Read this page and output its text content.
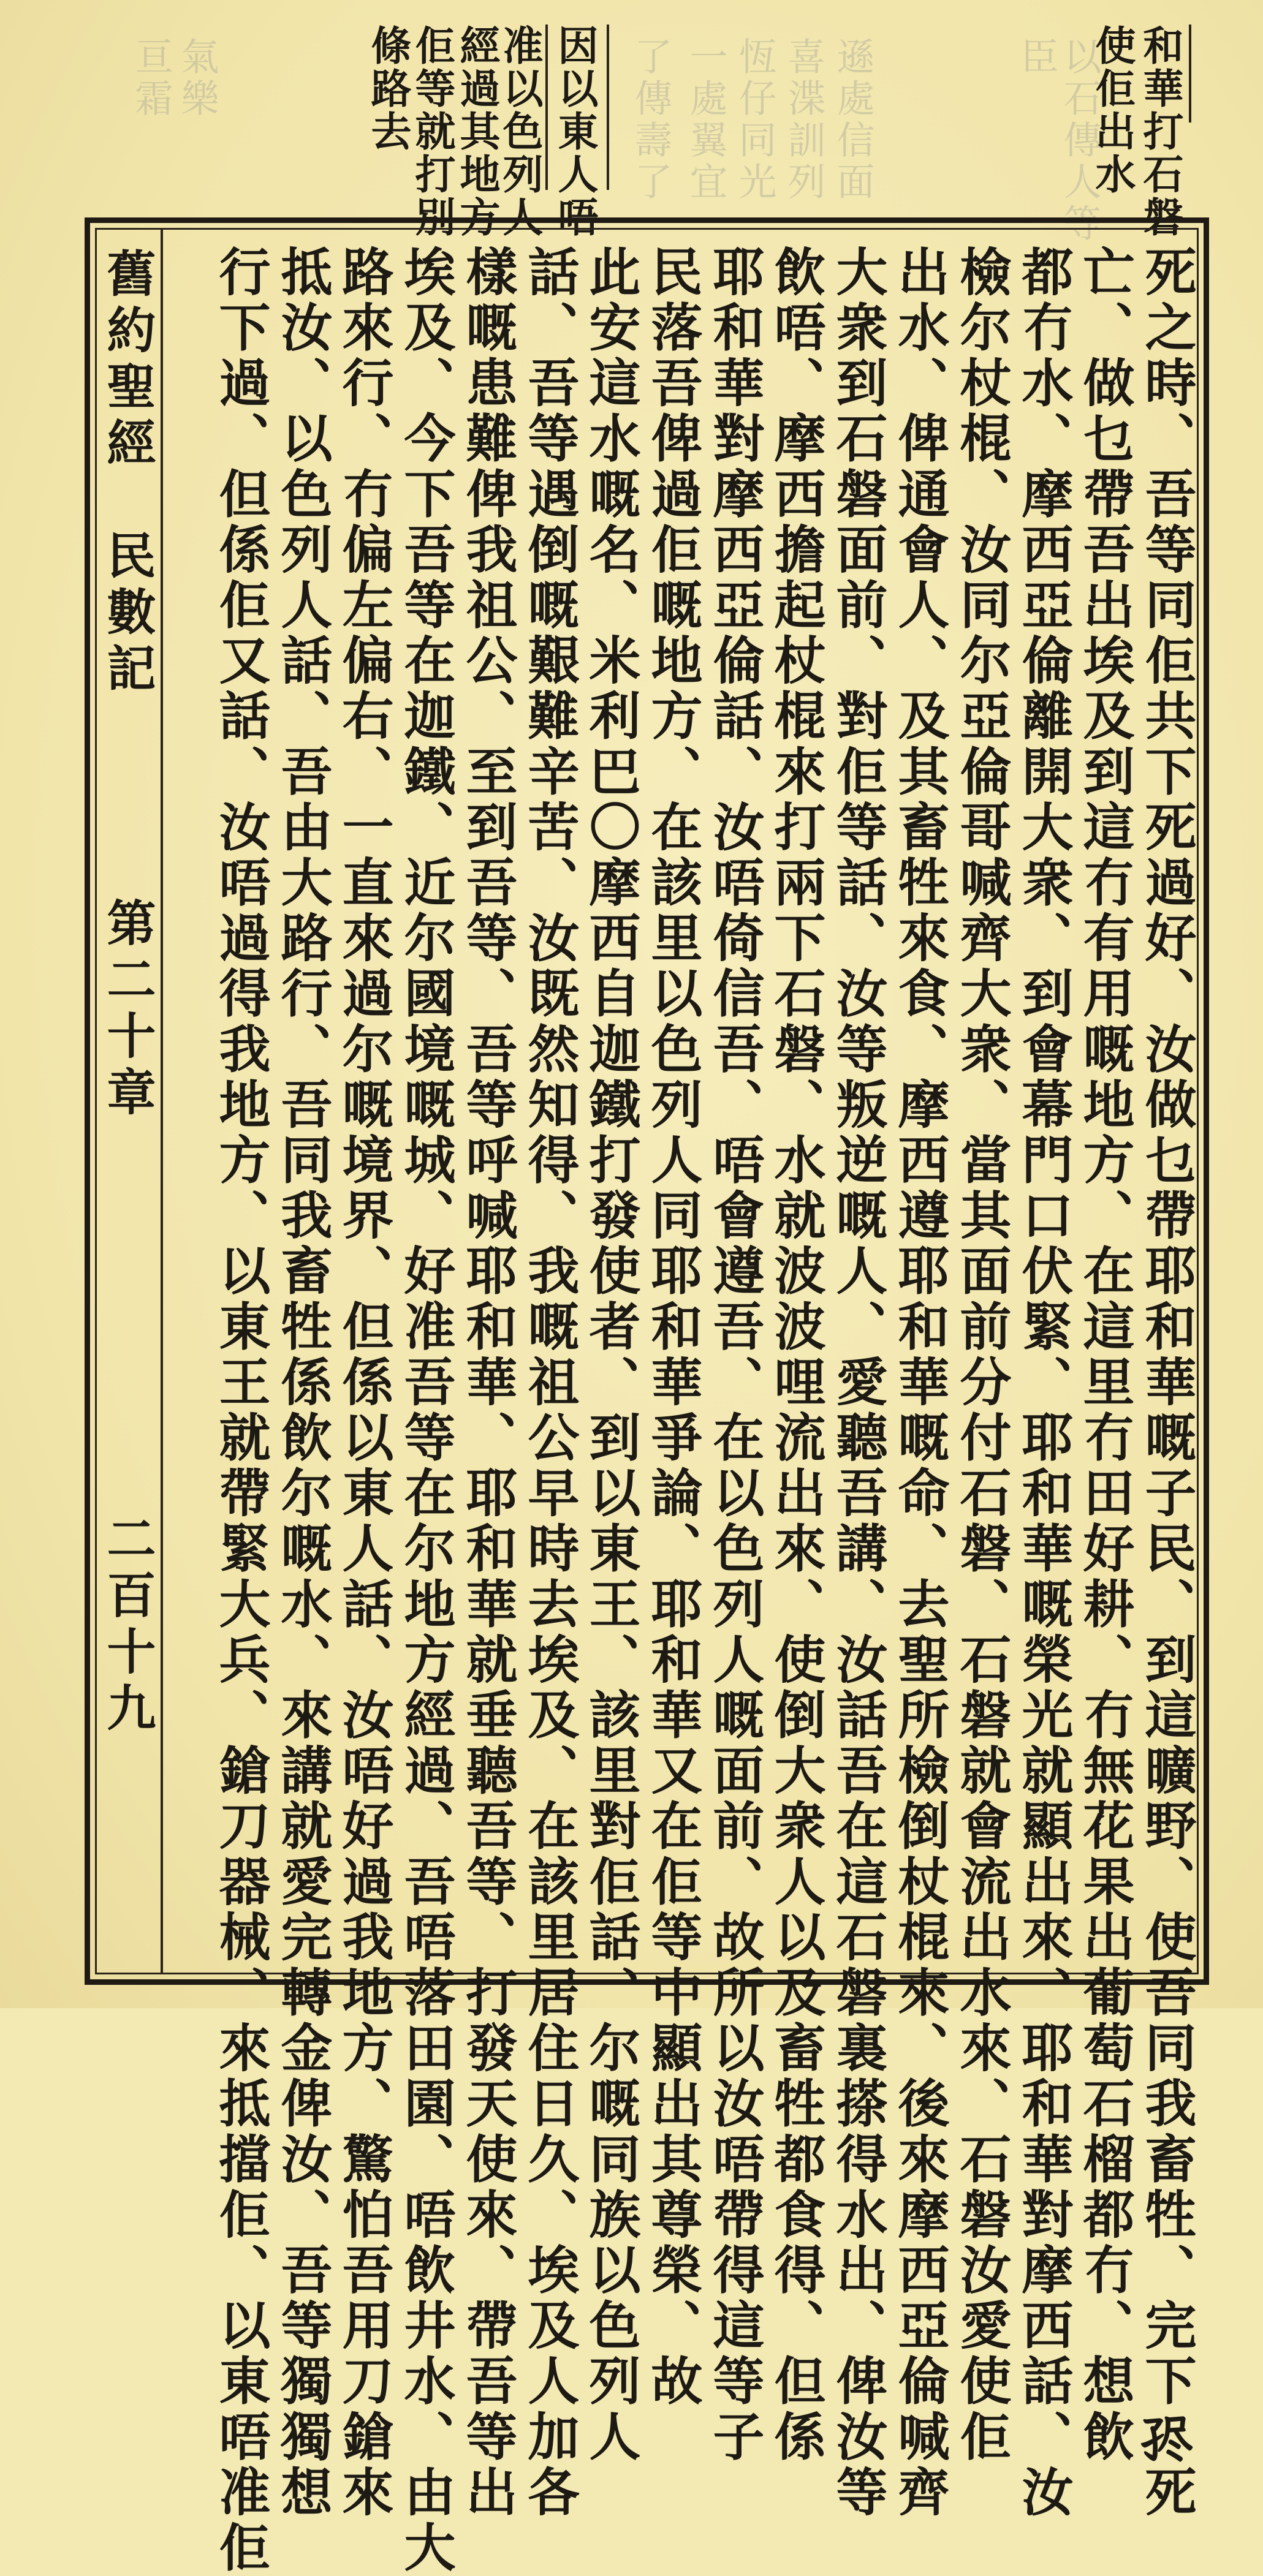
和華打石磐
使佢出水
以石傳人等
臣
遜處信面
喜渫訓列
恆仔同光
一處翼宜
了傳壽了
因以東人唔
准以色列人
經過其地方
佢等就打別
條路去
氣樂
亘霜
舊約聖經　民數記
第二十章
二百十九	死之時、吾等同佢共下死過好、汝做乜帶耶和華嘅子民、到這曠野、使吾同我畜牲、完下𡥧死
亡、做乜帶吾出埃及到這冇有用嘅地方、在這里冇田好耕、冇無花果出葡萄石榴都冇、想飲
都冇水、摩西亞倫離開大衆、到會幕門口伏緊、耶和華嘅榮光就顯出來、耶和華對摩西話、汝
檢尔杖棍、汝同尔亞倫哥喊齊大衆、當其面前分付石磐、石磐就會流出水來、石磐汝愛使佢
出水、俾通會人、及其畜牲來食、摩西遵耶和華嘅命、去聖所檢倒杖棍來、後來摩西亞倫喊齊
大衆到石磐面前、對佢等話、汝等叛逆嘅人、愛聽吾講、汝話吾在這石磐裏搽得水出、俾汝等
飲唔、摩西擔起杖棍來打兩下石磐、水就波波哩流出來、使倒大衆人以及畜牲都食得、但係
耶和華對摩西亞倫話、汝唔倚信吾、唔會遵吾、在以色列人嘅面前、故所以汝唔帶得這等子
民落吾俾過佢嘅地方、在該里以色列人同耶和華爭論、耶和華又在佢等中顯出其尊榮、故
此安這水嘅名、米利巴〇摩西自迦鐵打發使者、到以東王、該里對佢話、尔嘅同族以色列人
話、吾等遇倒嘅艱難辛苦、汝既然知得、我嘅祖公早時去埃及、在該里居住日久、埃及人加各
樣嘅患難俾我祖公、至到吾等、吾等呼喊耶和華、耶和華就垂聽吾等、打發天使來、帶吾等出
埃及、今下吾等在迦鐵、近尔國境嘅城、好准吾等在尔地方經過、吾唔落田園、唔飲井水、由大
路來行、冇偏左偏右、一直來過尔嘅境界、但係以東人話、汝唔好過我地方、驚怕吾用刀鎗來
抵汝、以色列人話、吾由大路行、吾同我畜牲係飲尔嘅水、來講就愛完轉金俾汝、吾等獨獨想
行下過、但係佢又話、汝唔過得我地方、以東王就帶緊大兵、鎗刀器械、來抵擋佢、以東唔准佢
